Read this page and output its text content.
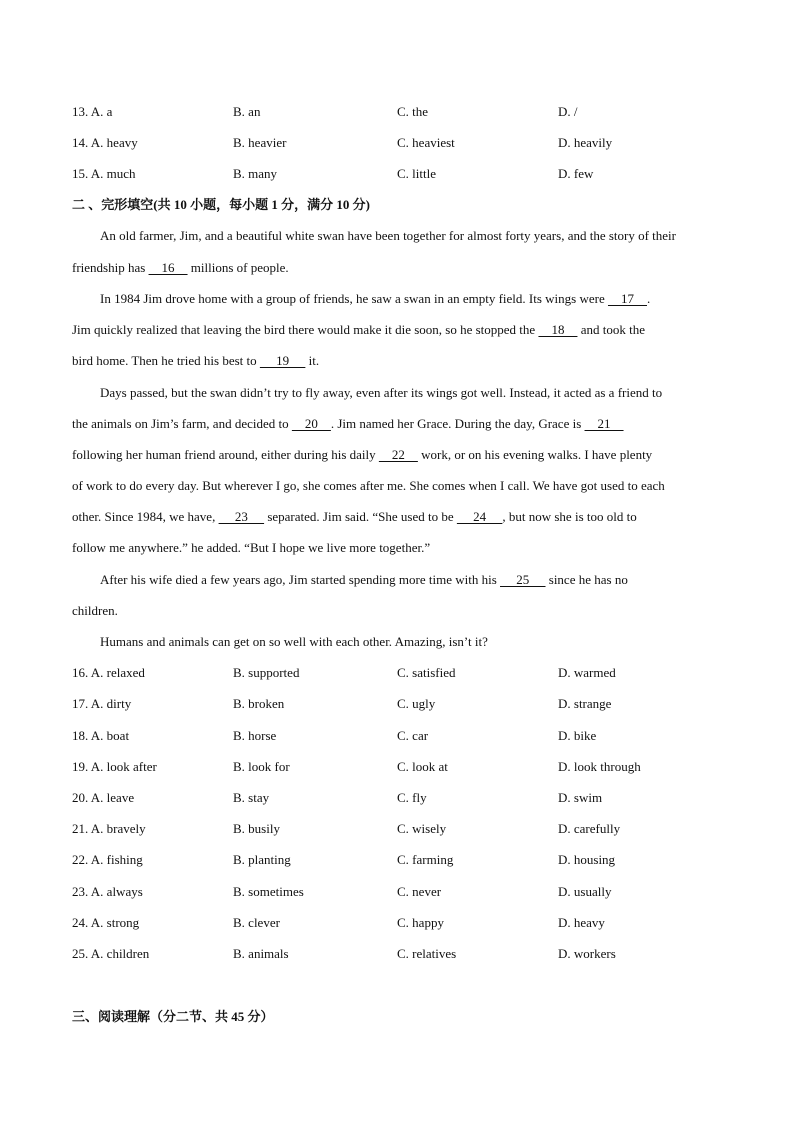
13. A. a	B. an	C. the	D. /
14. A. heavy	B. heavier	C. heaviest	D. heavily
15. A. much	B. many	C. little	D. few
二 、完形填空(共 10 小题，每小题 1 分，满分 10 分)
An old farmer, Jim, and a beautiful white swan have been together for almost forty years, and the story of their
friendship has     16     millions of people.
In 1984 Jim drove home with a group of friends, he saw a swan in an empty field. Its wings were     17    .
Jim quickly realized that leaving the bird there would make it die soon, so he stopped the     18     and took the
bird home. Then he tried his best to      19      it.
Days passed, but the swan didn’t try to fly away, even after its wings got well. Instead, it acted as a friend to
the animals on Jim’s farm, and decided to     20    . Jim named her Grace. During the day, Grace is     21
following her human friend around, either during his daily     22     work, or on his evening walks. I have plenty
of work to do every day. But wherever I go, she comes after me. She comes when I call. We have got used to each
other. Since 1984, we have,      23      separated. Jim said. “She used to be      24     , but now she is too old to
follow me anywhere.” he added. “But I hope we live more together.”
After his wife died a few years ago, Jim started spending more time with his      25      since he has no
children.
Humans and animals can get on so well with each other. Amazing, isn’t it?
16. A. relaxed	B. supported	C. satisfied	D. warmed
17. A. dirty	B. broken	C. ugly	D. strange
18. A. boat	B. horse	C. car	D. bike
19. A. look after	B. look for	C. look at	D. look through
20. A. leave	B. stay	C. fly	D. swim
21. A. bravely	B. busily	C. wisely	D. carefully
22. A. fishing	B. planting	C. farming	D. housing
23. A. always	B. sometimes	C. never	D. usually
24. A. strong	B. clever	C. happy	D. heavy
25. A. children	B. animals	C. relatives	D. workers
三、阅读理解（分二节、共 45 分）
